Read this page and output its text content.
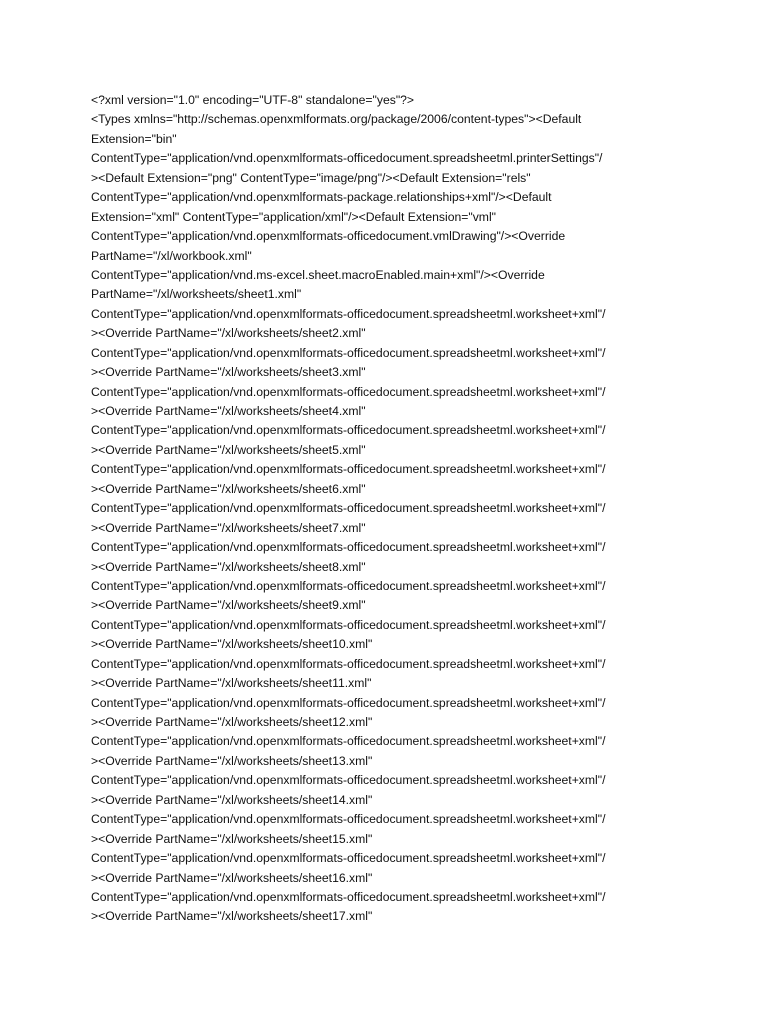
<?xml version="1.0" encoding="UTF-8" standalone="yes"?>
<Types xmlns="http://schemas.openxmlformats.org/package/2006/content-types"><Default
Extension="bin"
ContentType="application/vnd.openxmlformats-officedocument.spreadsheetml.printerSettings"/
><Default Extension="png" ContentType="image/png"/><Default Extension="rels"
ContentType="application/vnd.openxmlformats-package.relationships+xml"/><Default
Extension="xml" ContentType="application/xml"/><Default Extension="vml"
ContentType="application/vnd.openxmlformats-officedocument.vmlDrawing"/><Override
PartName="/xl/workbook.xml"
ContentType="application/vnd.ms-excel.sheet.macroEnabled.main+xml"/><Override
PartName="/xl/worksheets/sheet1.xml"
ContentType="application/vnd.openxmlformats-officedocument.spreadsheetml.worksheet+xml"/
><Override PartName="/xl/worksheets/sheet2.xml"
ContentType="application/vnd.openxmlformats-officedocument.spreadsheetml.worksheet+xml"/
><Override PartName="/xl/worksheets/sheet3.xml"
ContentType="application/vnd.openxmlformats-officedocument.spreadsheetml.worksheet+xml"/
><Override PartName="/xl/worksheets/sheet4.xml"
ContentType="application/vnd.openxmlformats-officedocument.spreadsheetml.worksheet+xml"/
><Override PartName="/xl/worksheets/sheet5.xml"
ContentType="application/vnd.openxmlformats-officedocument.spreadsheetml.worksheet+xml"/
><Override PartName="/xl/worksheets/sheet6.xml"
ContentType="application/vnd.openxmlformats-officedocument.spreadsheetml.worksheet+xml"/
><Override PartName="/xl/worksheets/sheet7.xml"
ContentType="application/vnd.openxmlformats-officedocument.spreadsheetml.worksheet+xml"/
><Override PartName="/xl/worksheets/sheet8.xml"
ContentType="application/vnd.openxmlformats-officedocument.spreadsheetml.worksheet+xml"/
><Override PartName="/xl/worksheets/sheet9.xml"
ContentType="application/vnd.openxmlformats-officedocument.spreadsheetml.worksheet+xml"/
><Override PartName="/xl/worksheets/sheet10.xml"
ContentType="application/vnd.openxmlformats-officedocument.spreadsheetml.worksheet+xml"/
><Override PartName="/xl/worksheets/sheet11.xml"
ContentType="application/vnd.openxmlformats-officedocument.spreadsheetml.worksheet+xml"/
><Override PartName="/xl/worksheets/sheet12.xml"
ContentType="application/vnd.openxmlformats-officedocument.spreadsheetml.worksheet+xml"/
><Override PartName="/xl/worksheets/sheet13.xml"
ContentType="application/vnd.openxmlformats-officedocument.spreadsheetml.worksheet+xml"/
><Override PartName="/xl/worksheets/sheet14.xml"
ContentType="application/vnd.openxmlformats-officedocument.spreadsheetml.worksheet+xml"/
><Override PartName="/xl/worksheets/sheet15.xml"
ContentType="application/vnd.openxmlformats-officedocument.spreadsheetml.worksheet+xml"/
><Override PartName="/xl/worksheets/sheet16.xml"
ContentType="application/vnd.openxmlformats-officedocument.spreadsheetml.worksheet+xml"/
><Override PartName="/xl/worksheets/sheet17.xml"
